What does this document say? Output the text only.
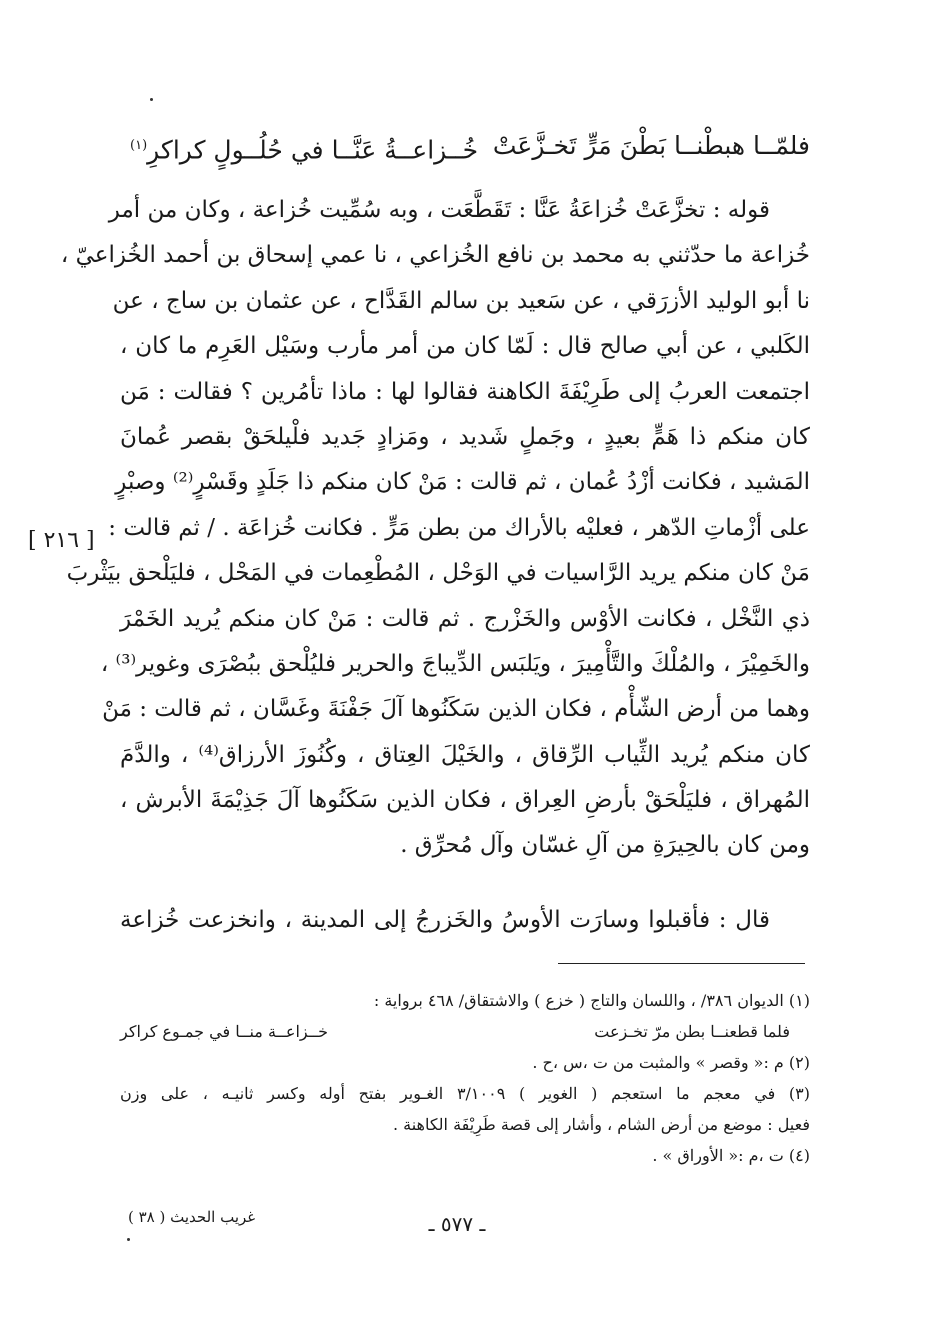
فلمّــا هبطْنــا بَطْنَ مَرٍّ تَخـزَّعَتْ
خُــزاعــةُ عَنَّــا في حُلُــولٍ كراكرِ$^{(١)}$
قوله : تخزَّعَتْ خُزاعَةُ عَنَّا : تَقَطَّعَت ، وبه سُمِّيت خُزاعة ، وكان من أمر
خُزاعة ما حدّثني به محمد بن نافع الخُزاعي ، نا عمي إسحاق بن أحمد الخُزاعيّ ،
نا أبو الوليد الأزرَقي ، عن سَعيد بن سالم القَدَّاح ، عن عثمان بن ساج ، عن
الكَلبي ، عن أبي صالح قال : لَمّا كان من أمر مأرب وسَيْل العَرِم ما كان ،
اجتمعت العربُ إلى طَرِيْفَةَ الكاهنة فقالوا لها : ماذا تأمُرين ؟ فقالت : مَن
كان منكم ذا هَمٍّ بعيدٍ ، وجَملٍ شَديد ، ومَزادٍ جَديد فلْيلحَقْ بقصر عُمانَ
المَشيد ، فكانت أزْدُ عُمان ، ثم قالت : مَنْ كان منكم ذا جَلَدٍ وقَسْرٍ⁽²⁾ وصبْرٍ
على أزْماتِ الدّهر ، فعليْه بالأراك من بطن مَرٍّ . فكانت خُزاعَة . / ثم قالت :
مَنْ كان منكم يريد الرَّاسيات في الوَحْل ، المُطْعِمات في المَحْل ، فليَلْحق بيَثْربَ
ذي النَّخْل ، فكانت الأوْس والخَزْرج . ثم قالت : مَنْ كان منكم يُريد الخَمْرَ
والخَمِيْرَ ، والمُلْكَ والتَّأْمِيرَ ، ويَلبَس الدِّيباجَ والحرير فليُلْحق ببُصْرَى وغوير⁽³⁾ ،
وهما من أرض الشّأْم ، فكان الذين سَكَنُوها آلَ جَفْنَةَ وغَسَّان ، ثم قالت : مَنْ
كان منكم يُريد الثِّياب الرِّقاق ، والخَيْلَ العِتاق ، وكُنُوزَ الأرزاق⁽⁴⁾ ، والدَّمَ
المُهراق ، فليَلْحَقْ بأرضِ العِراق ، فكان الذين سَكَنُوها آلَ جَذِيْمَةَ الأبرش ،
ومن كان بالحِيرَةِ من آلِ غسّان وآل مُحرِّق .
[ ٢١٦ ]
قال : فأقبلوا وسارَت الأوسُ والخَزرجُ إلى المدينة ، وانخزعت خُزاعة
(١) الديوان ٣٨٦/ ، واللسان والتاج ( خزع ) والاشتقاق/ ٤٦٨ برواية :
فلما قطعنــا بطن مرّ تخـزعت
خــزاعــة منــا في جمـوع كراكر
(٢) م :« وقصر » والمثبت من ت ،س ،ح .
(٣) في معجم ما استعجم ( الغوير ) ٣/١٠٠٩ الغـوير بفتح أوله وكسر ثانيـه ، على وزن
فعيل : موضع من أرض الشام ، وأشار إلى قصة طَرِيْفَة الكاهنة .
(٤) ت ،م :« الأوراق » .
غريب الحديث ( ٣٨ )	ـ ٥٧٧ ـ
